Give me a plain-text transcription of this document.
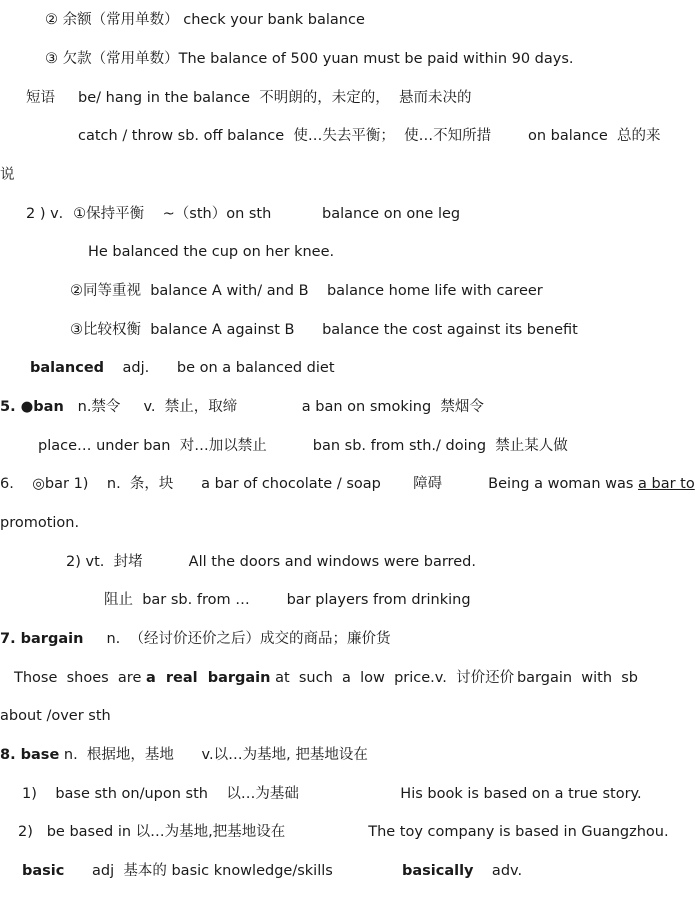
② 余额（常用单数） check your bank balance
③ 欠款（常用单数）The balance of 500 yuan must be paid within 90 days.
短语     be/ hang in the balance  不明朗的，未定的，  悬而未决的
catch / throw sb. off balance  使…失去平衡；  使…不知所措        on balance  总的来
说
2 ) v．①保持平衡    ~（sth）on sth           balance on one leg
He balanced the cup on her knee.
②同等重视  balance A with/ and B    balance home life with career
③比较权衡  balance A against B      balance the cost against its benefit
balanced    adj.      be on a balanced diet
5. ●ban   n.禁令     v.  禁止，取缔              a ban on smoking  禁烟令
place… under ban  对…加以禁止          ban sb. from sth./ doing  禁止某人做
6.    ◎bar 1)    n.  条，块      a bar of chocolate / soap       障碍          Being a woman was a bar to
promotion.
2) vt.  封堵          All the doors and windows were barred.
阻止  bar sb. from …        bar players from drinking
7. bargain     n.  （经讨价还价之后）成交的商品；廉价货
Those  shoes  are a  real  bargain at  such  a  low  price.v.  讨价还价 bargain  with  sb
about /over sth
8. base n.  根据地，基地      v.以…为基地, 把基地设在
1)    base sth on/upon sth    以…为基础                      His book is based on a true story.
2)   be based in 以…为基地,把基地设在                  The toy company is based in Guangzhou.
basic      adj  基本的 basic knowledge/skills               basically    adv.
